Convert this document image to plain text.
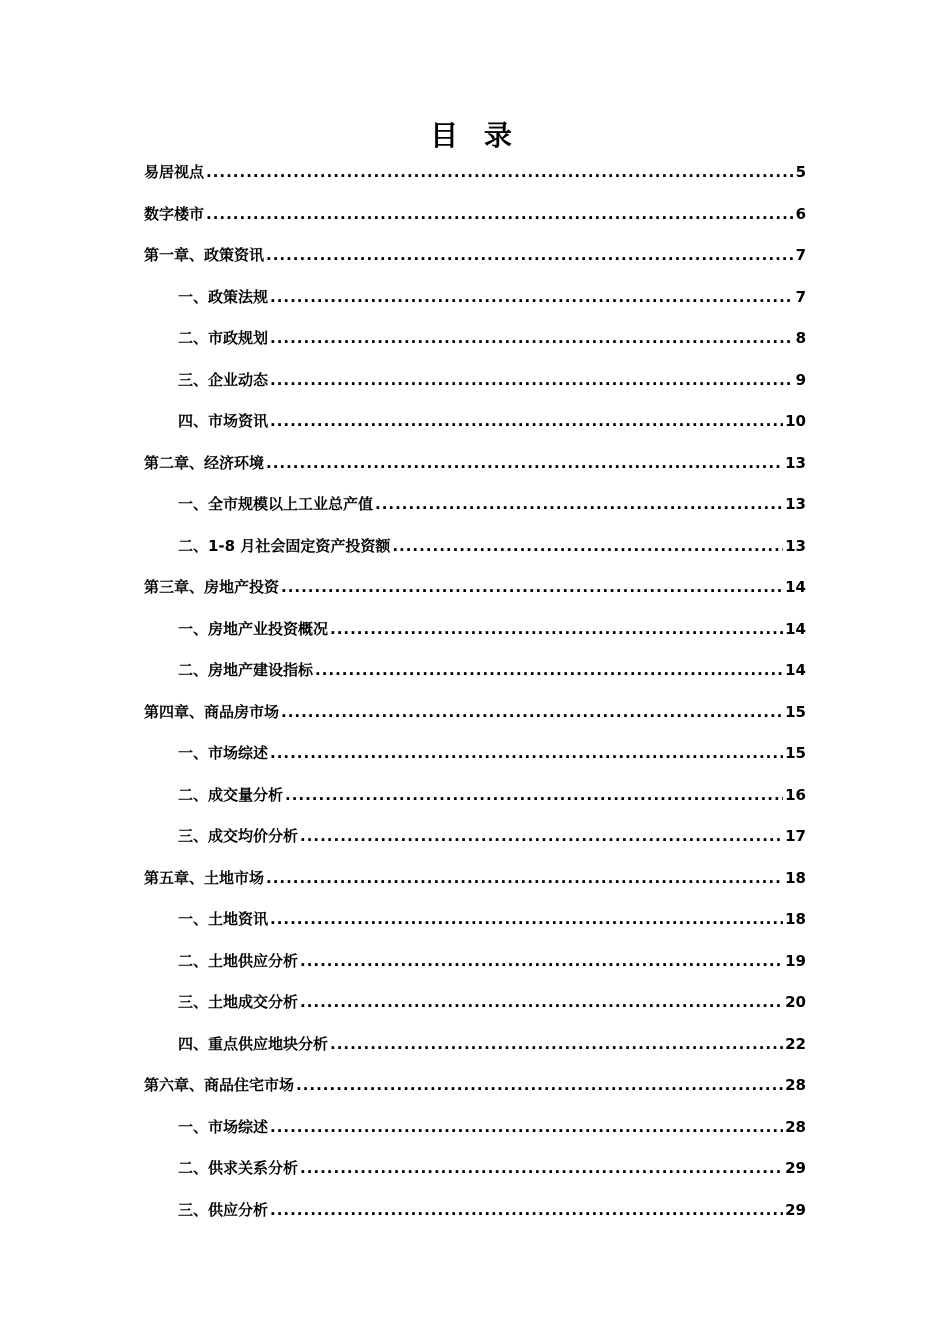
目 录
易居视点 .....	5
数字楼市 .....	6
第一章、政策资讯 .....	7
一、政策法规 .....	7
二、市政规划 .....	8
三、企业动态 .....	9
四、市场资讯 .....	10
第二章、经济环境 .....	13
一、全市规模以上工业总产值 .....	13
二、1-8 月社会固定资产投资额 .....	13
第三章、房地产投资 .....	14
一、房地产业投资概况 .....	14
二、房地产建设指标 .....	14
第四章、商品房市场 .....	15
一、市场综述 .....	15
二、成交量分析 .....	16
三、成交均价分析 .....	17
第五章、土地市场 .....	18
一、土地资讯 .....	18
二、土地供应分析 .....	19
三、土地成交分析 .....	20
四、重点供应地块分析 .....	22
第六章、商品住宅市场 .....	28
一、市场综述 .....	28
二、供求关系分析 .....	29
三、供应分析 .....	29
